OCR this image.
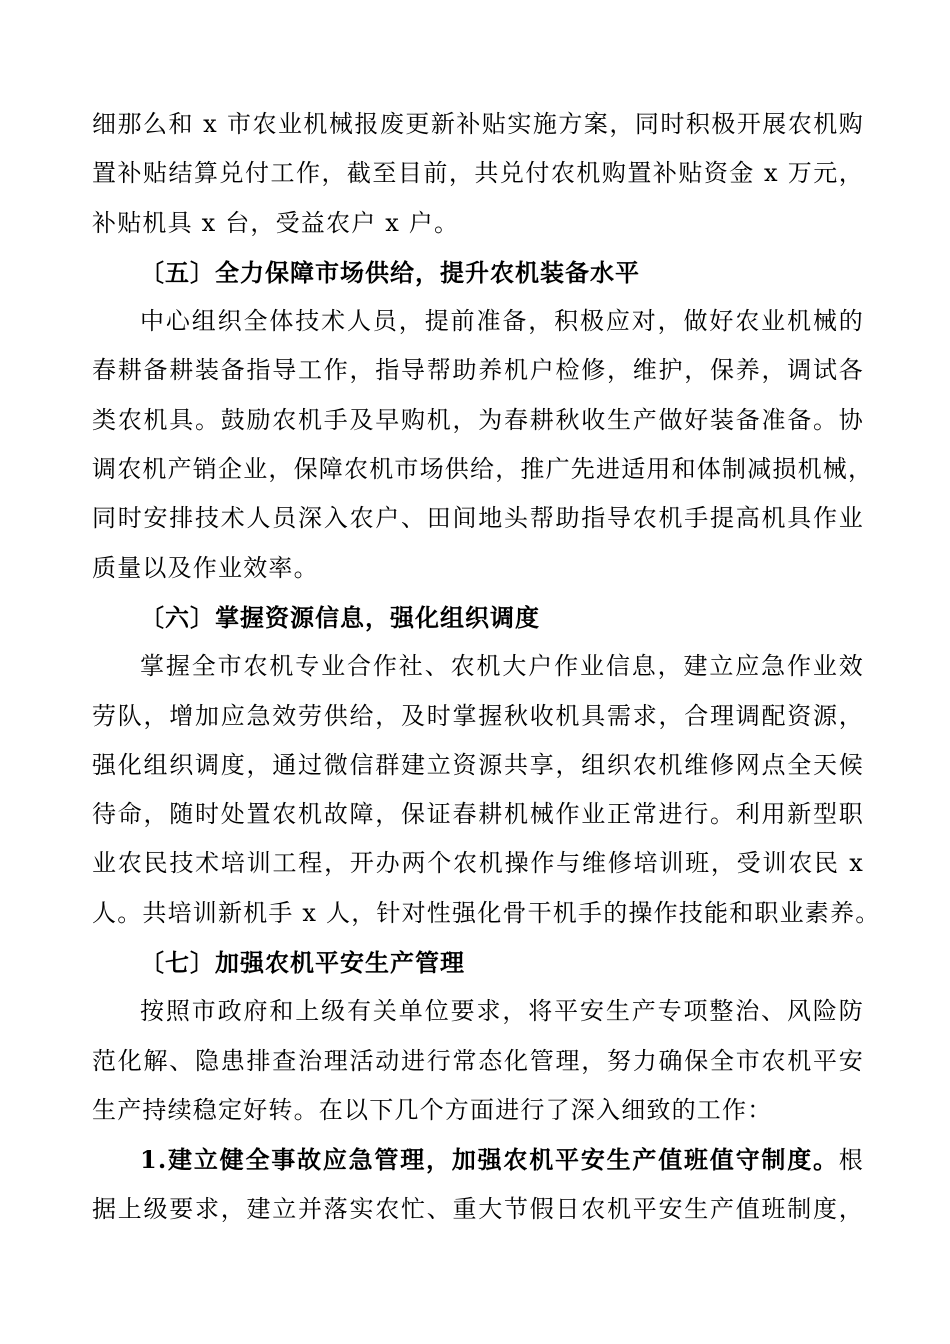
细那么和 x 市农业机械报废更新补贴实施方案，同时积极开展农机购
置补贴结算兑付工作，截至目前，共兑付农机购置补贴资金 x 万元，
补贴机具 x 台，受益农户 x 户。
〔五〕全力保障市场供给，提升农机装备水平
中心组织全体技术人员，提前准备，积极应对，做好农业机械的
春耕备耕装备指导工作，指导帮助养机户检修，维护，保养，调试各
类农机具。鼓励农机手及早购机，为春耕秋收生产做好装备准备。协
调农机产销企业，保障农机市场供给，推广先进适用和体制减损机械，
同时安排技术人员深入农户、田间地头帮助指导农机手提高机具作业
质量以及作业效率。
〔六〕掌握资源信息，强化组织调度
掌握全市农机专业合作社、农机大户作业信息，建立应急作业效
劳队，增加应急效劳供给，及时掌握秋收机具需求，合理调配资源，
强化组织调度，通过微信群建立资源共享，组织农机维修网点全天候
待命，随时处置农机故障，保证春耕机械作业正常进行。利用新型职
业农民技术培训工程，开办两个农机操作与维修培训班，受训农民 x
人。共培训新机手 x 人，针对性强化骨干机手的操作技能和职业素养。
〔七〕加强农机平安生产管理
按照市政府和上级有关单位要求，将平安生产专项整治、风险防
范化解、隐患排查治理活动进行常态化管理，努力确保全市农机平安
生产持续稳定好转。在以下几个方面进行了深入细致的工作：
1.建立健全事故应急管理，加强农机平安生产值班值守制度。根
据上级要求，建立并落实农忙、重大节假日农机平安生产值班制度，
